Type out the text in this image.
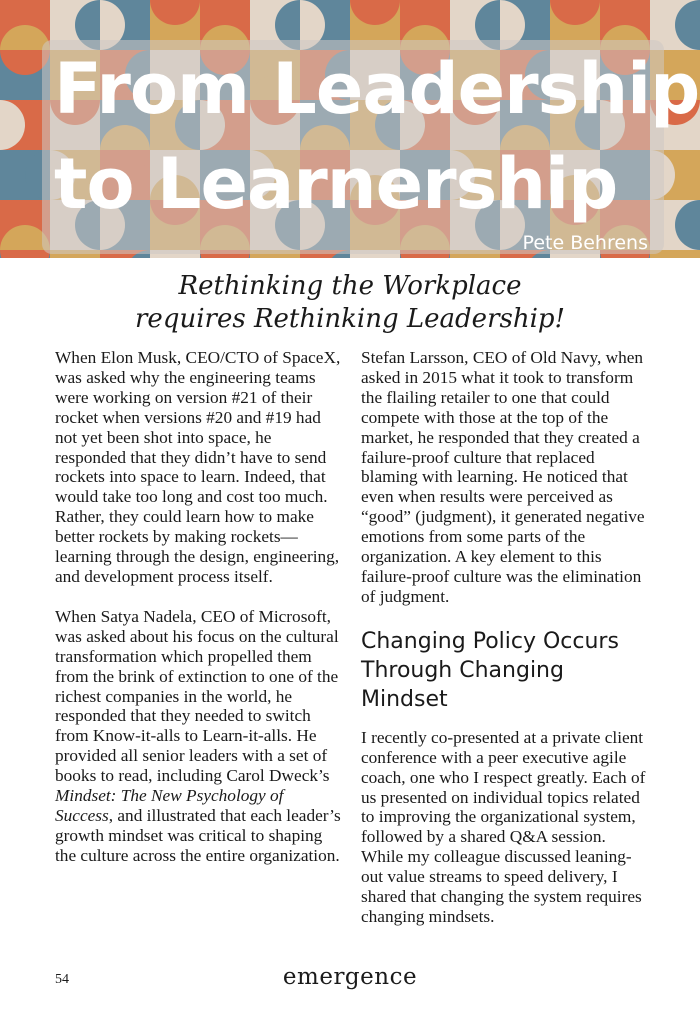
From Leadership
to Learnership
Pete Behrens
Rethinking the Workplace
requires Rethinking Leadership!

When Elon Musk, CEO/CTO of SpaceX, was asked why the engineering teams were working on version #21 of their rocket when versions #20 and #19 had not yet been shot into space, he responded that they didn’t have to send rockets into space to learn. Indeed, that would take too long and cost too much. Rather, they could learn how to make better rockets by making rockets—learning through the design, engineering, and development process itself.

When Satya Nadela, CEO of Microsoft, was asked about his focus on the cultural transformation which propelled them from the brink of extinction to one of the richest companies in the world, he responded that they needed to switch from Know-it-alls to Learn-it-alls. He provided all senior leaders with a set of books to read, including Carol Dweck’s Mindset: The New Psychology of Success, and illustrated that each leader’s growth mindset was critical to shaping the culture across the entire organization.

Stefan Larsson, CEO of Old Navy, when asked in 2015 what it took to transform the flailing retailer to one that could compete with those at the top of the market, he responded that they created a failure-proof culture that replaced blaming with learning. He noticed that even when results were perceived as “good” (judgment), it generated negative emotions from some parts of the organization. A key element to this failure-proof culture was the elimination of judgment.

Changing Policy Occurs Through Changing Mindset

I recently co-presented at a private client conference with a peer executive agile coach, one who I respect greatly. Each of us presented on individual topics related to improving the organizational system, followed by a shared Q&A session. While my colleague discussed leaning-out value streams to speed delivery, I shared that changing the system requires changing mindsets.

54	emergence
